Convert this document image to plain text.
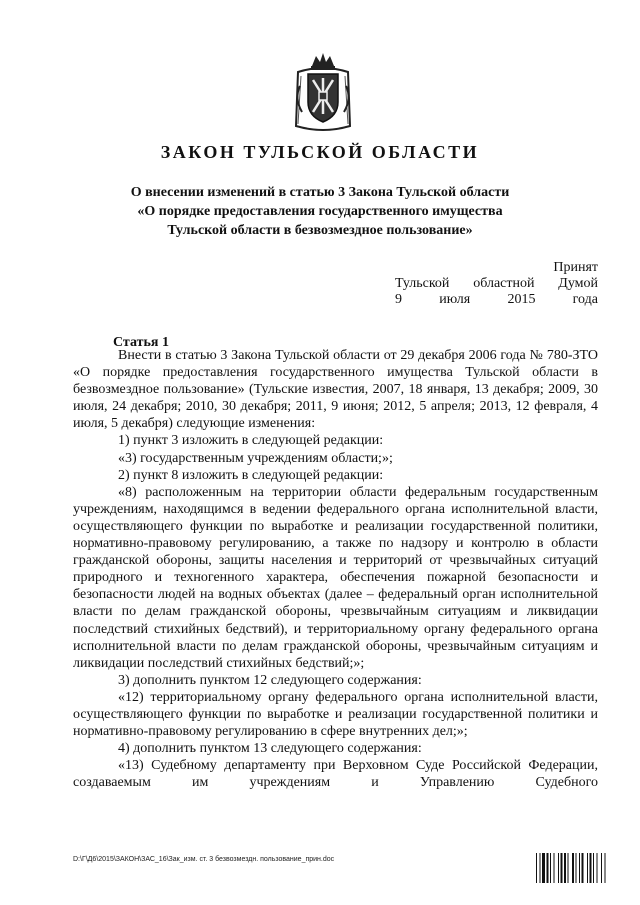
ЗАКОН ТУЛЬСКОЙ ОБЛАСТИ
О внесении изменений в статью 3 Закона Тульской области
«О порядке предоставления государственного имущества
Тульской области в безвозмездное пользование»
Принят
Тульской областной Думой
9	июля	2015	года
Статья 1

Внести в статью 3 Закона Тульской области от 29 декабря 2006 года № 780-ЗТО «О порядке предоставления государственного имущества Тульской области в безвозмездное пользование» (Тульские известия, 2007, 18 января, 13 декабря; 2009, 30 июля, 24 декабря; 2010, 30 декабря; 2011, 9 июня; 2012, 5 апреля; 2013, 12 февраля, 4 июля, 5 декабря) следующие изменения:

1) пункт 3 изложить в следующей редакции:

«3) государственным учреждениям области;»;

2) пункт 8 изложить в следующей редакции:

«8) расположенным на территории области федеральным государственным учреждениям, находящимся в ведении федерального органа исполнительной власти, осуществляющего функции по выработке и реализации государственной политики, нормативно-правовому регулированию, а также по надзору и контролю в области гражданской обороны, защиты населения и территорий от чрезвычайных ситуаций природного и техногенного характера, обеспечения пожарной безопасности и безопасности людей на водных объектах (далее – федеральный орган исполнительной власти по делам гражданской обороны, чрезвычайным ситуациям и ликвидации последствий стихийных бедствий), и территориальному органу федерального органа исполнительной власти по делам гражданской обороны, чрезвычайным ситуациям и ликвидации последствий стихийных бедствий;»;

3) дополнить пунктом 12 следующего содержания:

«12) территориальному органу федерального органа исполнительной власти, осуществляющего функции по выработке и реализации государственной политики и нормативно-правовому регулированию в сфере внутренних дел;»;

4) дополнить пунктом 13 следующего содержания:

«13) Судебному департаменту при Верховном Суде Российской Федерации, создаваемым им учреждениям и Управлению Судебного

D:\Г\Д6\2015\ЗАКОН\ЗАС_16\Зак_изм. ст. 3 безвозмездн. пользование_прин.doc
